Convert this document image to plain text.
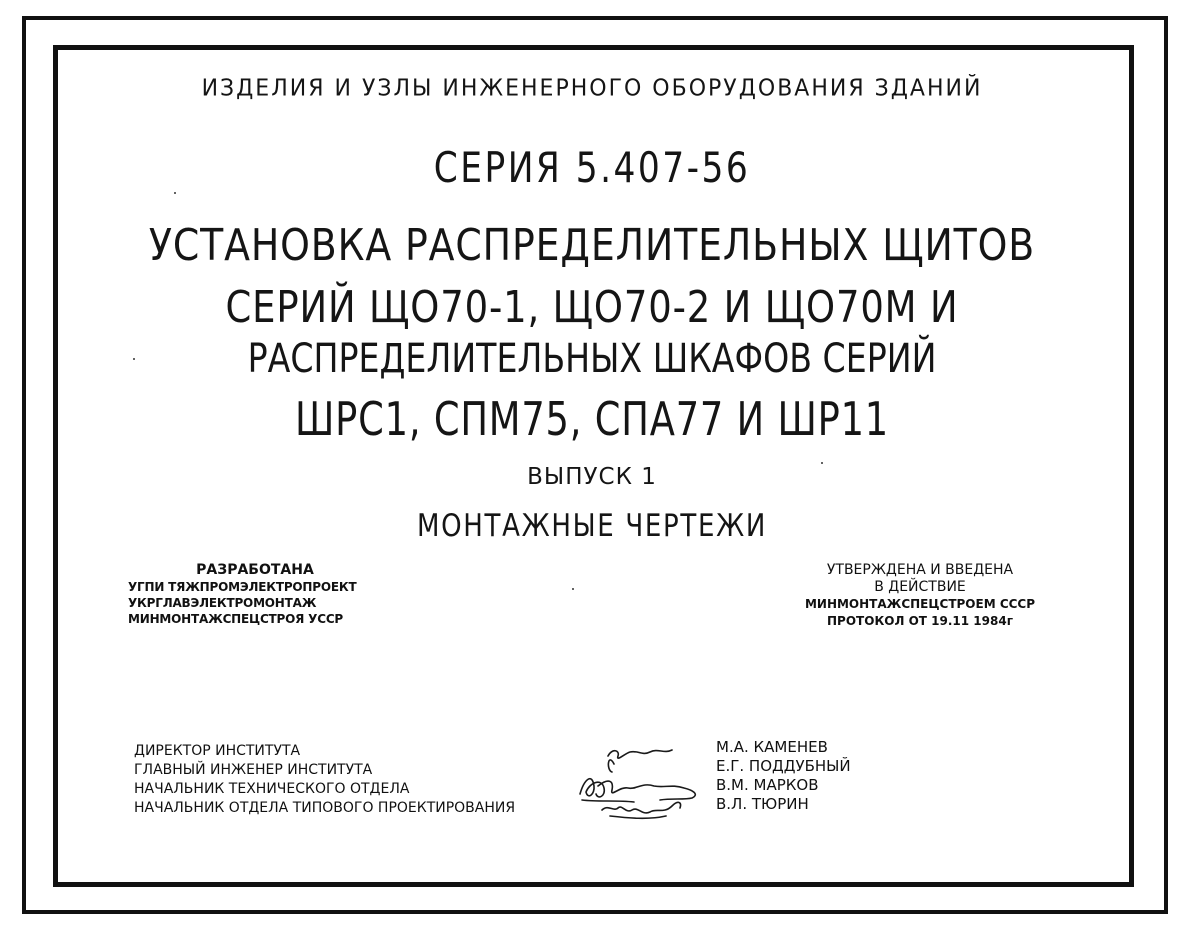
ИЗДЕЛИЯ И УЗЛЫ ИНЖЕНЕРНОГО ОБОРУДОВАНИЯ ЗДАНИЙ
СЕРИЯ 5.407-56
УСТАНОВКА РАСПРЕДЕЛИТЕЛЬНЫХ ЩИТОВ
СЕРИЙ ЩО70-1, ЩО70-2 И ЩО70М И
РАСПРЕДЕЛИТЕЛЬНЫХ ШКАФОВ СЕРИЙ
ШРС1, СПМ75, СПА77 И ШР11
ВЫПУСК 1
МОНТАЖНЫЕ ЧЕРТЕЖИ
РАЗРАБОТАНА
УГПИ ТЯЖПРОМЭЛЕКТРОПРОЕКТ
УКРГЛАВЭЛЕКТРОМОНТАЖ
МИНМОНТАЖСПЕЦСТРОЯ УССР
УТВЕРЖДЕНА И ВВЕДЕНА
В ДЕЙСТВИЕ
МИНМОНТАЖСПЕЦСТРОЕМ СССР
ПРОТОКОЛ ОТ 19.11 1984г
ДИРЕКТОР ИНСТИТУТА
ГЛАВНЫЙ ИНЖЕНЕР ИНСТИТУТА
НАЧАЛЬНИК ТЕХНИЧЕСКОГО ОТДЕЛА
НАЧАЛЬНИК ОТДЕЛА ТИПОВОГО ПРОЕКТИРОВАНИЯ
М.А. КАМЕНЕВ
Е.Г. ПОДДУБНЫЙ
В.М. МАРКОВ
В.Л. ТЮРИН
